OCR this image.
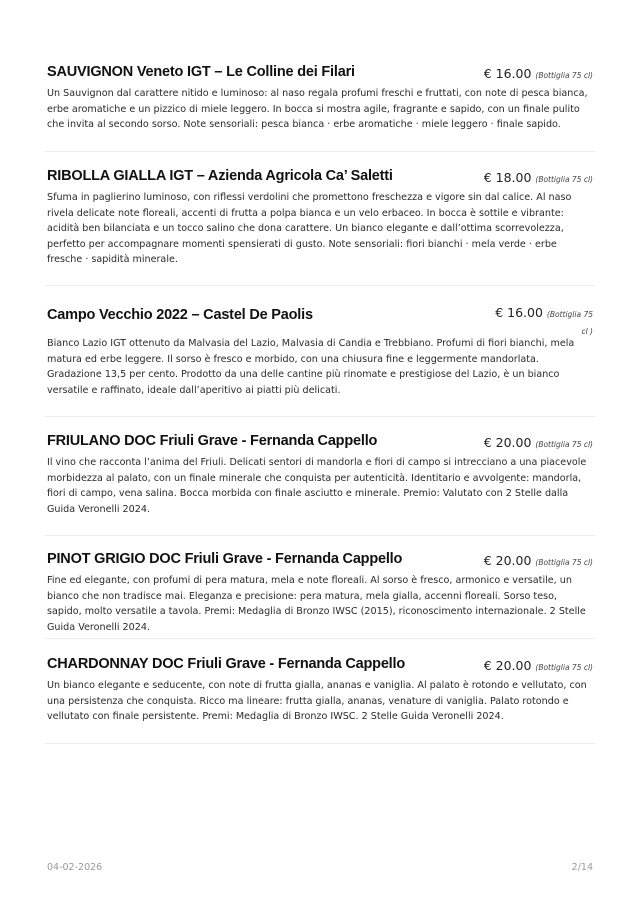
SAUVIGNON Veneto IGT – Le Colline dei Filari	€ 16.00 (Bottiglia 75 cl)

Un Sauvignon dal carattere nitido e luminoso: al naso regala profumi freschi e fruttati, con note di pesca bianca, erbe aromatiche e un pizzico di miele leggero. In bocca si mostra agile, fragrante e sapido, con un finale pulito che invita al secondo sorso. Note sensoriali: pesca bianca · erbe aromatiche · miele leggero · finale sapido.

RIBOLLA GIALLA IGT – Azienda Agricola Ca’ Saletti	€ 18.00 (Bottiglia 75 cl)

Sfuma in paglierino luminoso, con riflessi verdolini che promettono freschezza e vigore sin dal calice. Al naso rivela delicate note floreali, accenti di frutta a polpa bianca e un velo erbaceo. In bocca è sottile e vibrante: acidità ben bilanciata e un tocco salino che dona carattere. Un bianco elegante e dall’ottima scorrevolezza, perfetto per accompagnare momenti spensierati di gusto. Note sensoriali: fiori bianchi · mela verde · erbe fresche · sapidità minerale.

Campo Vecchio 2022 – Castel De Paolis	€ 16.00 (Bottiglia 75 cl )

Bianco Lazio IGT ottenuto da Malvasia del Lazio, Malvasia di Candia e Trebbiano. Profumi di fiori bianchi, mela matura ed erbe leggere. Il sorso è fresco e morbido, con una chiusura fine e leggermente mandorlata. Gradazione 13,5 per cento. Prodotto da una delle cantine più rinomate e prestigiose del Lazio, è un bianco versatile e raffinato, ideale dall’aperitivo ai piatti più delicati.

FRIULANO DOC Friuli Grave - Fernanda Cappello	€ 20.00 (Bottiglia 75 cl)

Il vino che racconta l’anima del Friuli. Delicati sentori di mandorla e fiori di campo si intrecciano a una piacevole morbidezza al palato, con un finale minerale che conquista per autenticità. Identitario e avvolgente: mandorla, fiori di campo, vena salina. Bocca morbida con finale asciutto e minerale. Premio: Valutato con 2 Stelle dalla Guida Veronelli 2024.

PINOT GRIGIO DOC Friuli Grave - Fernanda Cappello	€ 20.00 (Bottiglia 75 cl)

Fine ed elegante, con profumi di pera matura, mela e note floreali. Al sorso è fresco, armonico e versatile, un bianco che non tradisce mai. Eleganza e precisione: pera matura, mela gialla, accenni floreali. Sorso teso, sapido, molto versatile a tavola. Premi: Medaglia di Bronzo IWSC (2015), riconoscimento internazionale. 2 Stelle Guida Veronelli 2024.

CHARDONNAY DOC Friuli Grave - Fernanda Cappello	€ 20.00 (Bottiglia 75 cl)

Un bianco elegante e seducente, con note di frutta gialla, ananas e vaniglia. Al palato è rotondo e vellutato, con una persistenza che conquista. Ricco ma lineare: frutta gialla, ananas, venature di vaniglia. Palato rotondo e vellutato con finale persistente. Premi: Medaglia di Bronzo IWSC. 2 Stelle Guida Veronelli 2024.

04-02-2026	2/14
